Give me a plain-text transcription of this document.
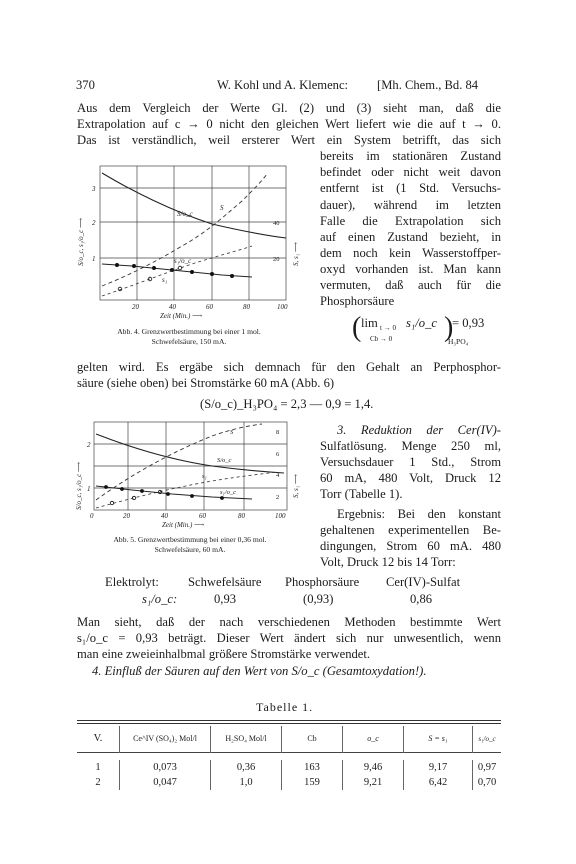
370	W. Kohl und A. Klemenc: [Mh. Chem., Bd. 84
Aus dem Vergleich der Werte Gl. (2) und (3) sieht man, daß die
Extrapolation auf c → 0 nicht den gleichen Wert liefert wie die auf t → 0.
Das ist verständlich, weil ersterer Wert ein System betrifft, das sich
S/o_c
S
s₁/o_c
s₁
3
2
1
40
20
S/o_c, s₁/o_c ⟶	S, s₁ ⟶
20	40	60	80	100
Zeit (Min.) ⟶
Abb. 4. Grenzwertbestimmung bei einer 1 mol.
Schwefelsäure, 150 mA.
bereits im stationären Zustand
befindet oder nicht weit davon
entfernt ist (1 Std. Versuchs-
dauer), während im letzten
Falle die Extrapolation sich
auf einen Zustand bezieht, in
dem noch kein Wasserstoffper-
oxyd vorhanden ist. Man kann
vermuten, daß auch für die
Phosphorsäure
( lim t → 0
Cb → 0
s₁/o_c )
H₃PO₄
= 0,93
gelten wird. Es ergäbe sich demnach für den Gehalt an Perphosphor-
säure (siehe oben) bei Stromstärke 60 mA (Abb. 6)
(S/o_c)_H₃PO₄ = 2,3 — 0,9 = 1,4.
S
S/o_c
s₁
s₁/o_c
2
1
8
6
4
2
S/o_c, s₁/o_c ⟶	S, s₁ ⟶
0	20	40	60	80	100
Zeit (Min.) ⟶
Abb. 5. Grenzwertbestimmung bei einer 0,36 mol.
Schwefelsäure, 60 mA.
3. Reduktion der Cer(IV)-
Sulfatlösung. Menge 250 ml,
Versuchsdauer 1 Std., Strom
60 mA, 480 Volt, Druck 12
Torr (Tabelle 1).
Ergebnis: Bei den konstant
gehaltenen experimentellen Be-
dingungen, Strom 60 mA. 480
Volt, Druck 12 bis 14 Torr:
Elektrolyt: Schwefelsäure Phosphorsäure Cer(IV)-Sulfat
s₁/o_c:	0,93	(0,93)	0,86
Man sieht, daß der nach verschiedenen Methoden bestimmte Wert
s₁/o_c = 0,93 beträgt. Dieser Wert ändert sich nur unwesentlich, wenn
man eine zweieinhalbmal größere Stromstärke verwendet.
4. Einfluß der Säuren auf den Wert von S/o_c (Gesamtoxydation!).
Tabelle 1.
V.	Ce^IV (SO₄)₂ Mol/l	H₂SO₄ Mol/l	Cb	o_c	S = s₁	s₁/o_c

1	0,073	0,36	163	9,46	9,17	0,97
2	0,047	1,0	159	9,21	6,42	0,70
